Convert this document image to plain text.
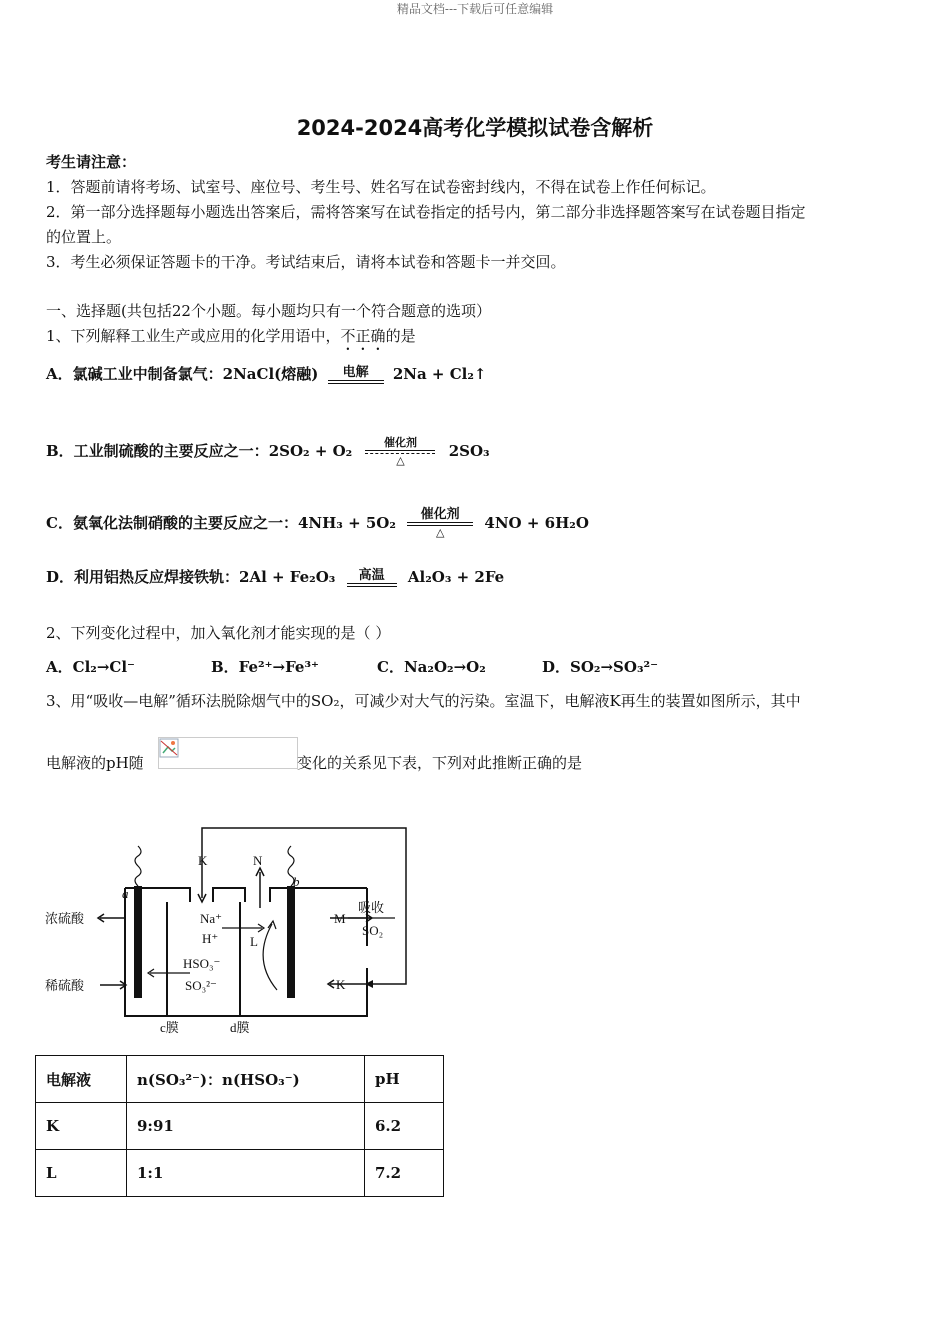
精品文档---下载后可任意编辑
2024-2024高考化学模拟试卷含解析
考生请注意：
1．答题前请将考场、试室号、座位号、考生号、姓名写在试卷密封线内，不得在试卷上作任何标记。
2．第一部分选择题每小题选出答案后，需将答案写在试卷指定的括号内，第二部分非选择题答案写在试卷题目指定
的位置上。
3．考生必须保证答题卡的干净。考试结束后，请将本试卷和答题卡一并交回。
一、选择题(共包括22个小题。每小题均只有一个符合题意的选项）
1、下列解释工业生产或应用的化学用语中，不正确的是
A．氯碱工业中制备氯气：2NaCl(熔融)	电解	2Na + Cl₂↑
B．工业制硫酸的主要反应之一：2SO₂ + O₂	催化剂
△
2SO₃
C．氨氧化法制硝酸的主要反应之一：4NH₃ + 5O₂	催化剂
△
4NO + 6H₂O
D．利用铝热反应焊接铁轨：2Al + Fe₂O₃	高温	Al₂O₃ + 2Fe
2、下列变化过程中，加入氧化剂才能实现的是（ ）
A．Cl₂→Cl⁻	B．Fe²⁺→Fe³⁺	C．Na₂O₂→O₂	D．SO₂→SO₃²⁻
3、用“吸收—电解”循环法脱除烟气中的SO₂，可减少对大气的污染。室温下，电解液K再生的装置如图所示，其中
电解液的pH随	变化的关系见下表，下列对此推断正确的是
K	N
a
b
浓硫酸
稀硫酸
Na⁺
H⁺
HSO₃⁻
SO₃²⁻
L
M
吸收
SO₂
K
c膜	d膜
电解液	n(SO₃²⁻)：n(HSO₃⁻)	pH
K	9:91	6.2
L	1:1	7.2
